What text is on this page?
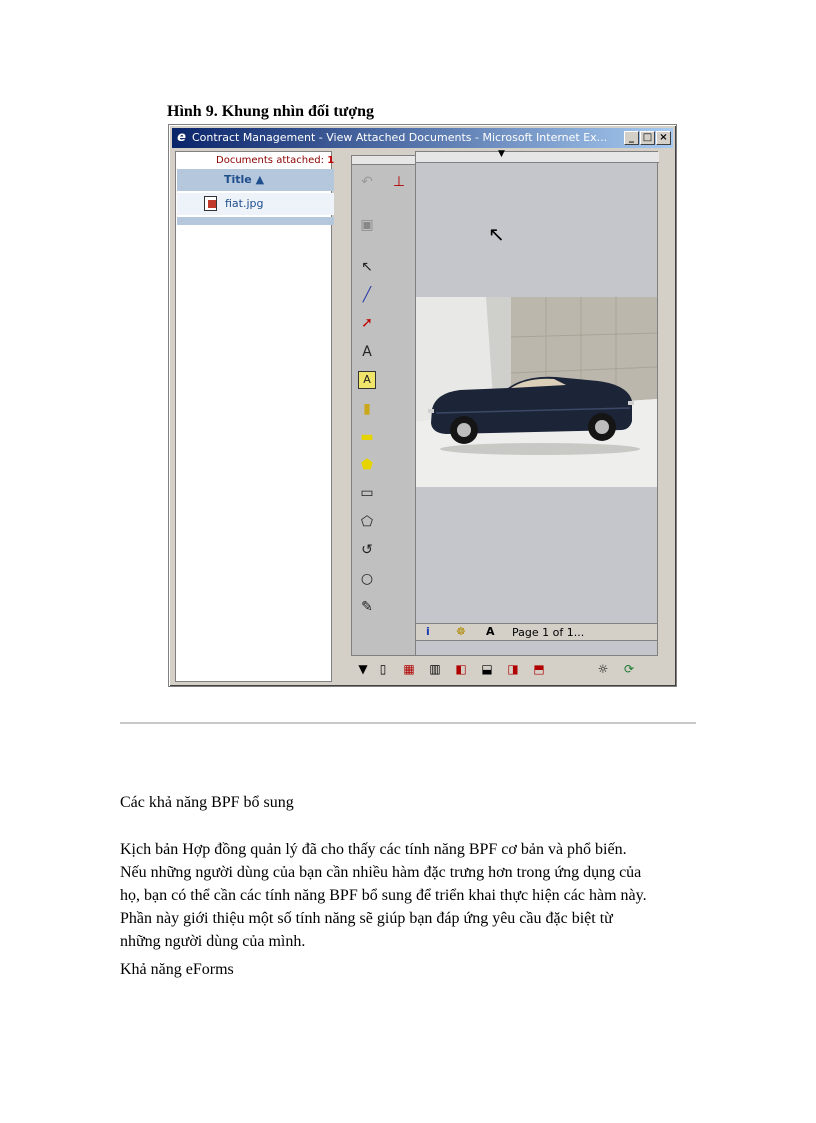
Hình 9. Khung nhìn đối tượng
e Contract Management - View Attached Documents - Microsoft Internet Ex...	_ □ ×
Documents attached: 1
Title ▲
fiat.jpg
↶ ⊥
▣
↖
╱
➚
A
A
▮
▬
⬟
▭
⬠
↺
○
✎
▼
↖
i ☸ A Page 1 of 1...
▼	▯	▦ ▥ ◧ ⬓ ◨ ⬒	☼ ⟳
Các khả năng BPF bổ sung
Kịch bản Hợp đồng quản lý đã cho thấy các tính năng BPF cơ bản và phổ biến.
Nếu những người dùng của bạn cần nhiều hàm đặc trưng hơn trong ứng dụng của
họ, bạn có thể cần các tính năng BPF bổ sung để triển khai thực hiện các hàm này.
Phần này giới thiệu một số tính năng sẽ giúp bạn đáp ứng yêu cầu đặc biệt từ
những người dùng của mình.
Khả năng eForms
